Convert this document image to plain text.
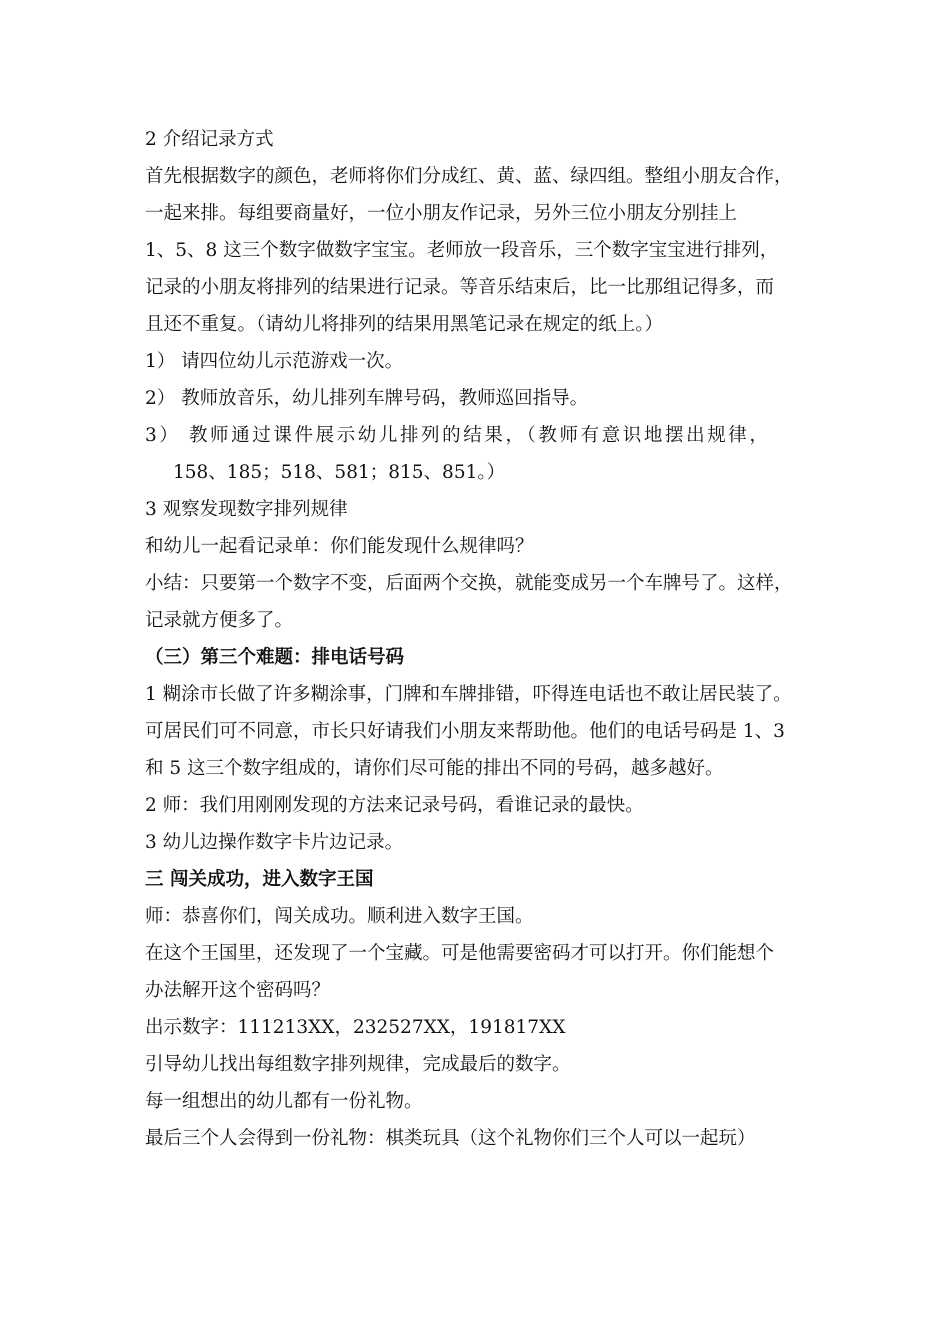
2 介绍记录方式
首先根据数字的颜色，老师将你们分成红、黄、蓝、绿四组。整组小朋友合作，
一起来排。每组要商量好，一位小朋友作记录，另外三位小朋友分别挂上
1、5、8 这三个数字做数字宝宝。老师放一段音乐，三个数字宝宝进行排列，
记录的小朋友将排列的结果进行记录。等音乐结束后，比一比那组记得多，而
且还不重复。（请幼儿将排列的结果用黑笔记录在规定的纸上。）
1） 请四位幼儿示范游戏一次。
2） 教师放音乐，幼儿排列车牌号码，教师巡回指导。
3） 教师通过课件展示幼儿排列的结果，（教师有意识地摆出规律，
158、185；518、581；815、851。）
3 观察发现数字排列规律
和幼儿一起看记录单：你们能发现什么规律吗？
小结：只要第一个数字不变，后面两个交换，就能变成另一个车牌号了。这样，
记录就方便多了。
（三）第三个难题：排电话号码
1 糊涂市长做了许多糊涂事，门牌和车牌排错，吓得连电话也不敢让居民装了。
可居民们可不同意，市长只好请我们小朋友来帮助他。他们的电话号码是 1、3
和 5 这三个数字组成的，请你们尽可能的排出不同的号码，越多越好。
2 师：我们用刚刚发现的方法来记录号码，看谁记录的最快。
3 幼儿边操作数字卡片边记录。
三 闯关成功，进入数字王国
师：恭喜你们，闯关成功。顺利进入数字王国。
在这个王国里，还发现了一个宝藏。可是他需要密码才可以打开。你们能想个
办法解开这个密码吗？
出示数字：111213XX，232527XX，191817XX
引导幼儿找出每组数字排列规律，完成最后的数字。
每一组想出的幼儿都有一份礼物。
最后三个人会得到一份礼物：棋类玩具（这个礼物你们三个人可以一起玩）
